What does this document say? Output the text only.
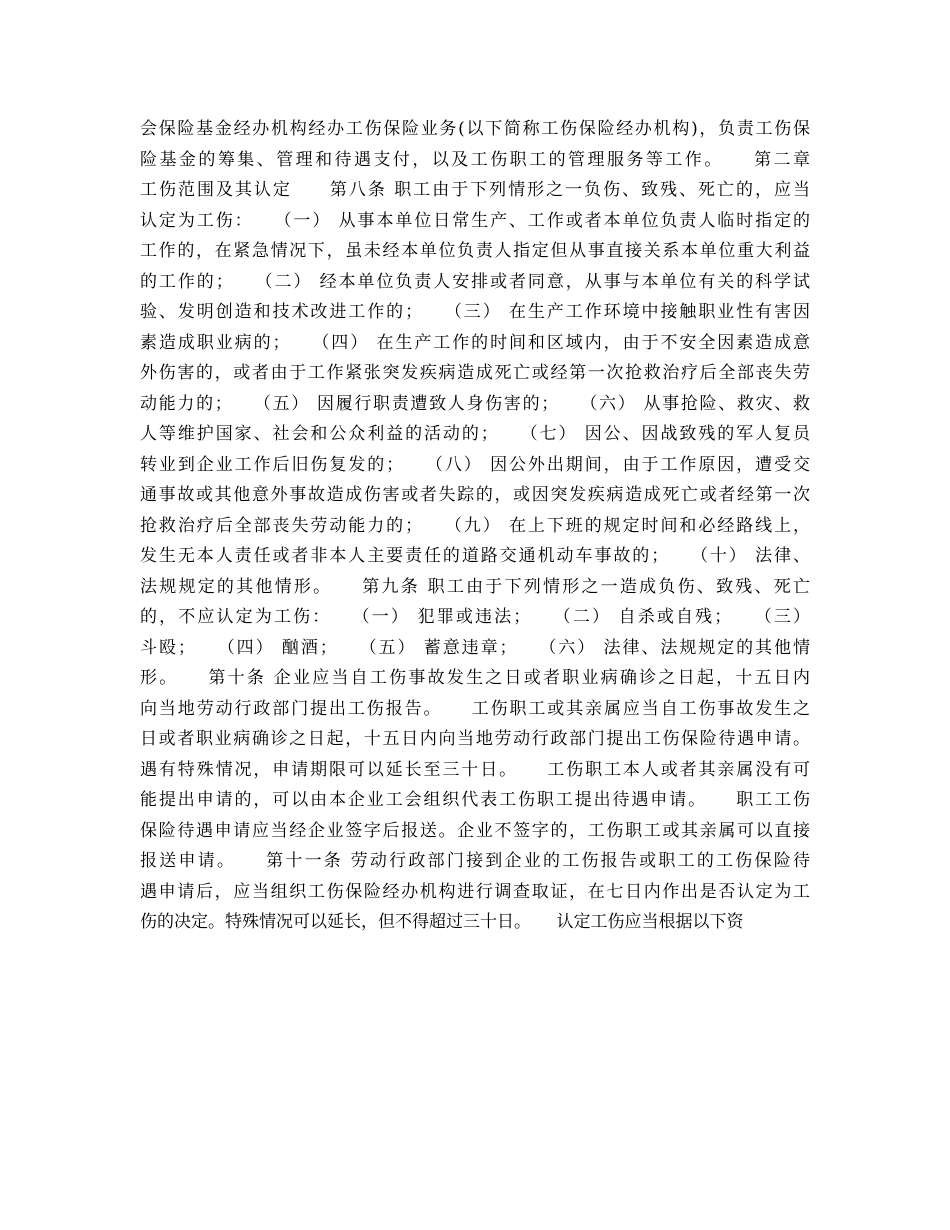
会保险基金经办机构经办工伤保险业务(以下简称工伤保险经办机构)，负责工伤保
险基金的筹集、管理和待遇支付，以及工伤职工的管理服务等工作。　　第二章
工伤范围及其认定　　第八条 职工由于下列情形之一负伤、致残、死亡的，应当
认定为工伤：　　（一） 从事本单位日常生产、工作或者本单位负责人临时指定的
工作的，在紧急情况下，虽未经本单位负责人指定但从事直接关系本单位重大利益
的工作的；　　（二） 经本单位负责人安排或者同意，从事与本单位有关的科学试
验、发明创造和技术改进工作的；　　（三） 在生产工作环境中接触职业性有害因
素造成职业病的；　　（四） 在生产工作的时间和区域内，由于不安全因素造成意
外伤害的，或者由于工作紧张突发疾病造成死亡或经第一次抢救治疗后全部丧失劳
动能力的；　　（五） 因履行职责遭致人身伤害的；　　（六） 从事抢险、救灾、救
人等维护国家、社会和公众利益的活动的；　　（七） 因公、因战致残的军人复员
转业到企业工作后旧伤复发的；　　（八） 因公外出期间，由于工作原因，遭受交
通事故或其他意外事故造成伤害或者失踪的，或因突发疾病造成死亡或者经第一次
抢救治疗后全部丧失劳动能力的；　　（九） 在上下班的规定时间和必经路线上，
发生无本人责任或者非本人主要责任的道路交通机动车事故的；　　（十） 法律、
法规规定的其他情形。　　第九条 职工由于下列情形之一造成负伤、致残、死亡
的，不应认定为工伤：　　（一） 犯罪或违法；　　（二） 自杀或自残；　　（三）
斗殴；　　（四） 酗酒；　　（五） 蓄意违章；　　（六） 法律、法规规定的其他情
形。　　第十条 企业应当自工伤事故发生之日或者职业病确诊之日起，十五日内
向当地劳动行政部门提出工伤报告。　　工伤职工或其亲属应当自工伤事故发生之
日或者职业病确诊之日起，十五日内向当地劳动行政部门提出工伤保险待遇申请。
遇有特殊情况，申请期限可以延长至三十日。　　工伤职工本人或者其亲属没有可
能提出申请的，可以由本企业工会组织代表工伤职工提出待遇申请。　　职工工伤
保险待遇申请应当经企业签字后报送。企业不签字的，工伤职工或其亲属可以直接
报送申请。　　第十一条 劳动行政部门接到企业的工伤报告或职工的工伤保险待
遇申请后，应当组织工伤保险经办机构进行调查取证，在七日内作出是否认定为工
伤的决定。特殊情况可以延长，但不得超过三十日。　　认定工伤应当根据以下资
